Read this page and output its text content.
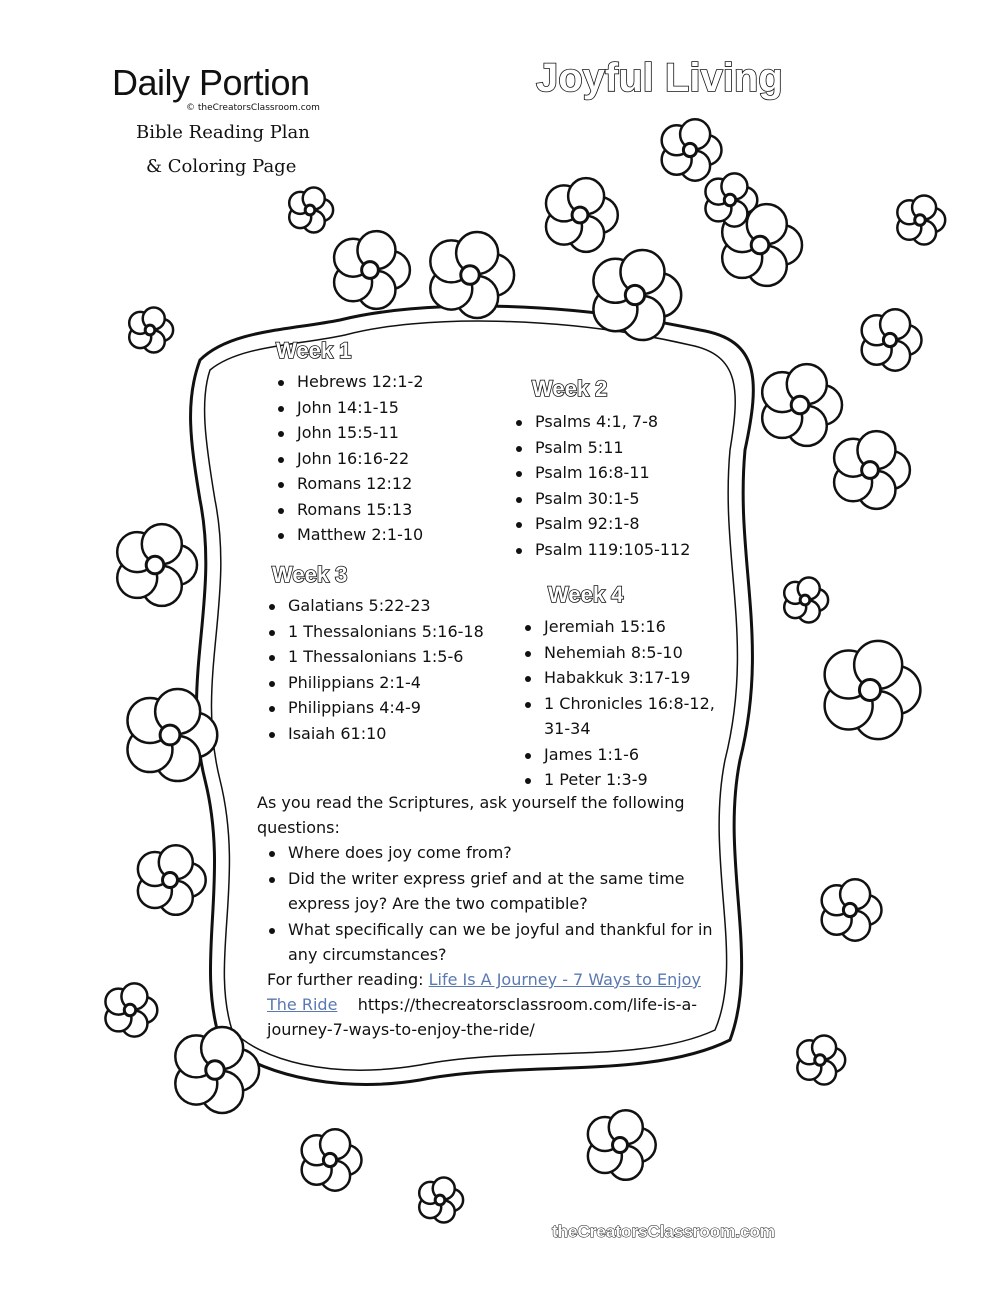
Daily Portion
© theCreatorsClassroom.com
Bible Reading Plan
& Coloring Page
Joyful Living
Week 1
Hebrews 12:1-2
John 14:1-15
John 15:5-11
John 16:16-22
Romans 12:12
Romans 15:13
Matthew 2:1-10
Week 2
Psalms 4:1, 7-8
Psalm 5:11
Psalm 16:8-11
Psalm 30:1-5
Psalm 92:1-8
Psalm 119:105-112
Week 3
Galatians 5:22-23
1 Thessalonians 5:16-18
1 Thessalonians 1:5-6
Philippians 2:1-4
Philippians 4:4-9
Isaiah 61:10
Week 4
Jeremiah 15:16
Nehemiah 8:5-10
Habakkuk 3:17-19
1 Chronicles 16:8-12,
31-34
James 1:1-6
1 Peter 1:3-9
As you read the Scriptures, ask yourself the following
questions:
Where does joy come from?
Did the writer express grief and at the same time
express joy? Are the two compatible?
What specifically can we be joyful and thankful for in
any circumstances?
For further reading: Life Is A Journey - 7 Ways to Enjoy
The Ride https://thecreatorsclassroom.com/life-is-a-
journey-7-ways-to-enjoy-the-ride/
theCreatorsClassroom.com
